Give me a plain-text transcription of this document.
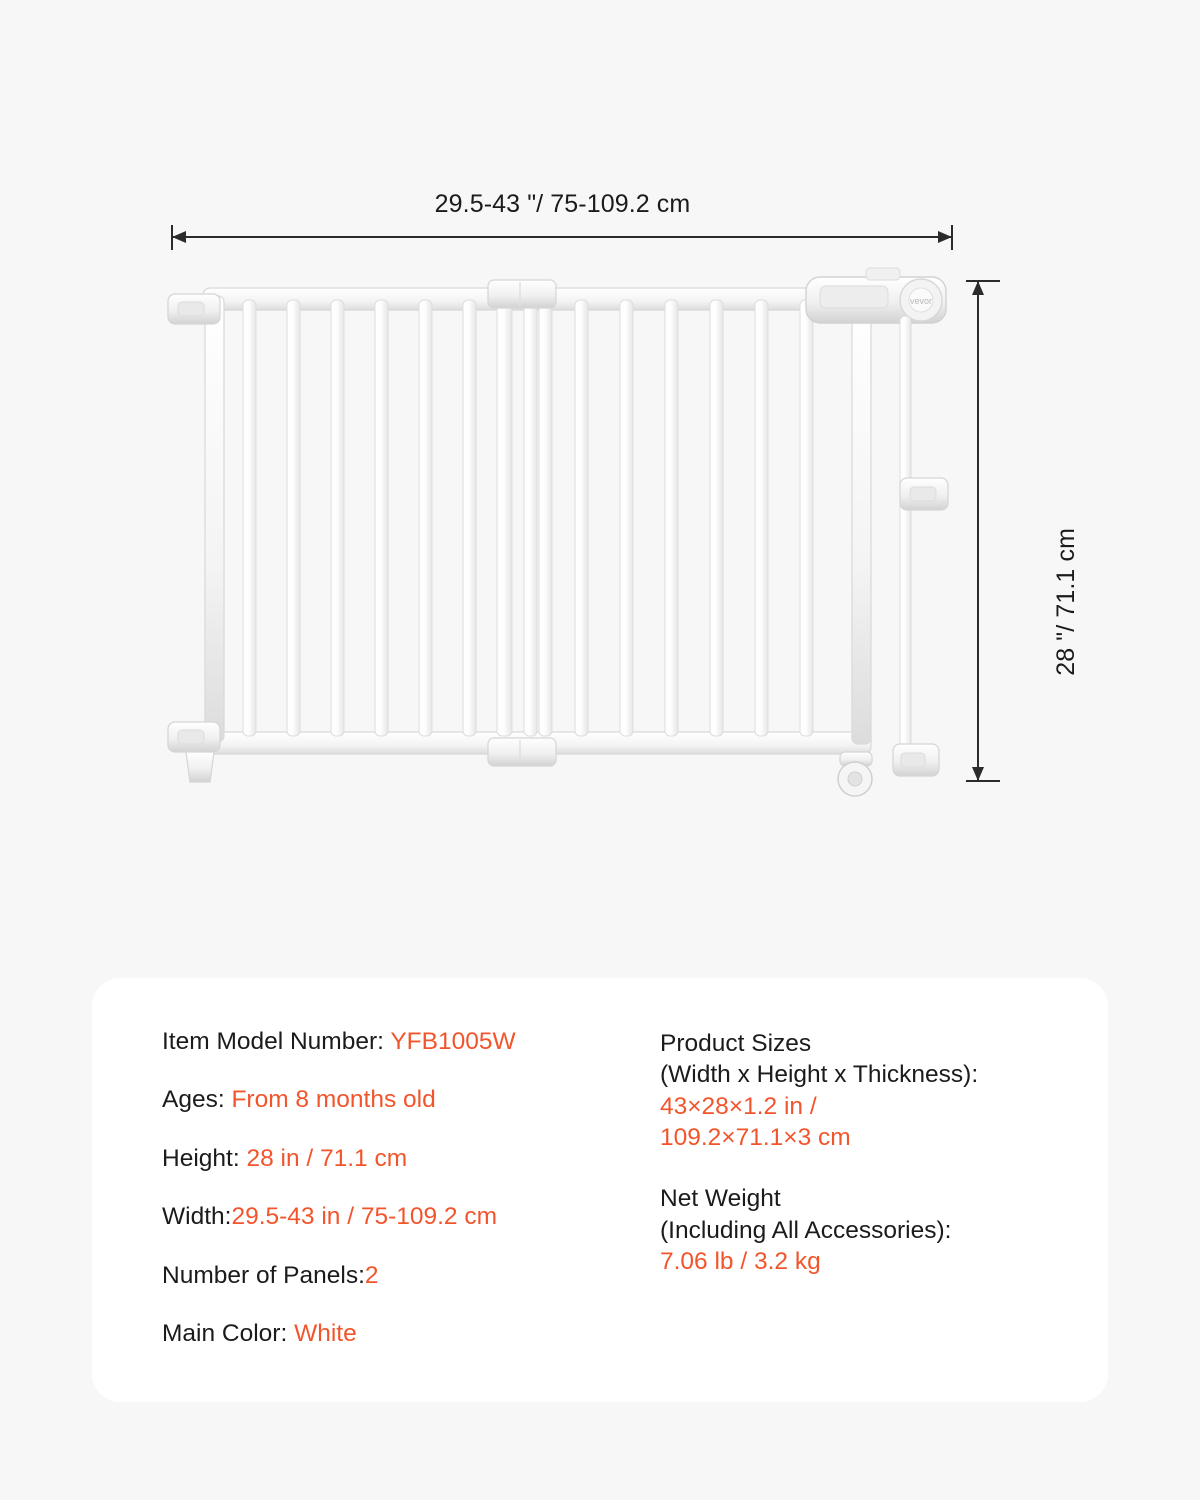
29.5-43 "/ 75-109.2 cm
28 "/ 71.1 cm
vevor
Item Model Number: YFB1005W
Ages: From 8 months old
Height: 28 in / 71.1 cm
Width:29.5-43 in / 75-109.2 cm
Number of Panels:2
Main Color: White
Product Sizes
(Width x Height x Thickness):
43×28×1.2 in /
109.2×71.1×3 cm
Net Weight
(Including All Accessories):
7.06 lb / 3.2 kg
